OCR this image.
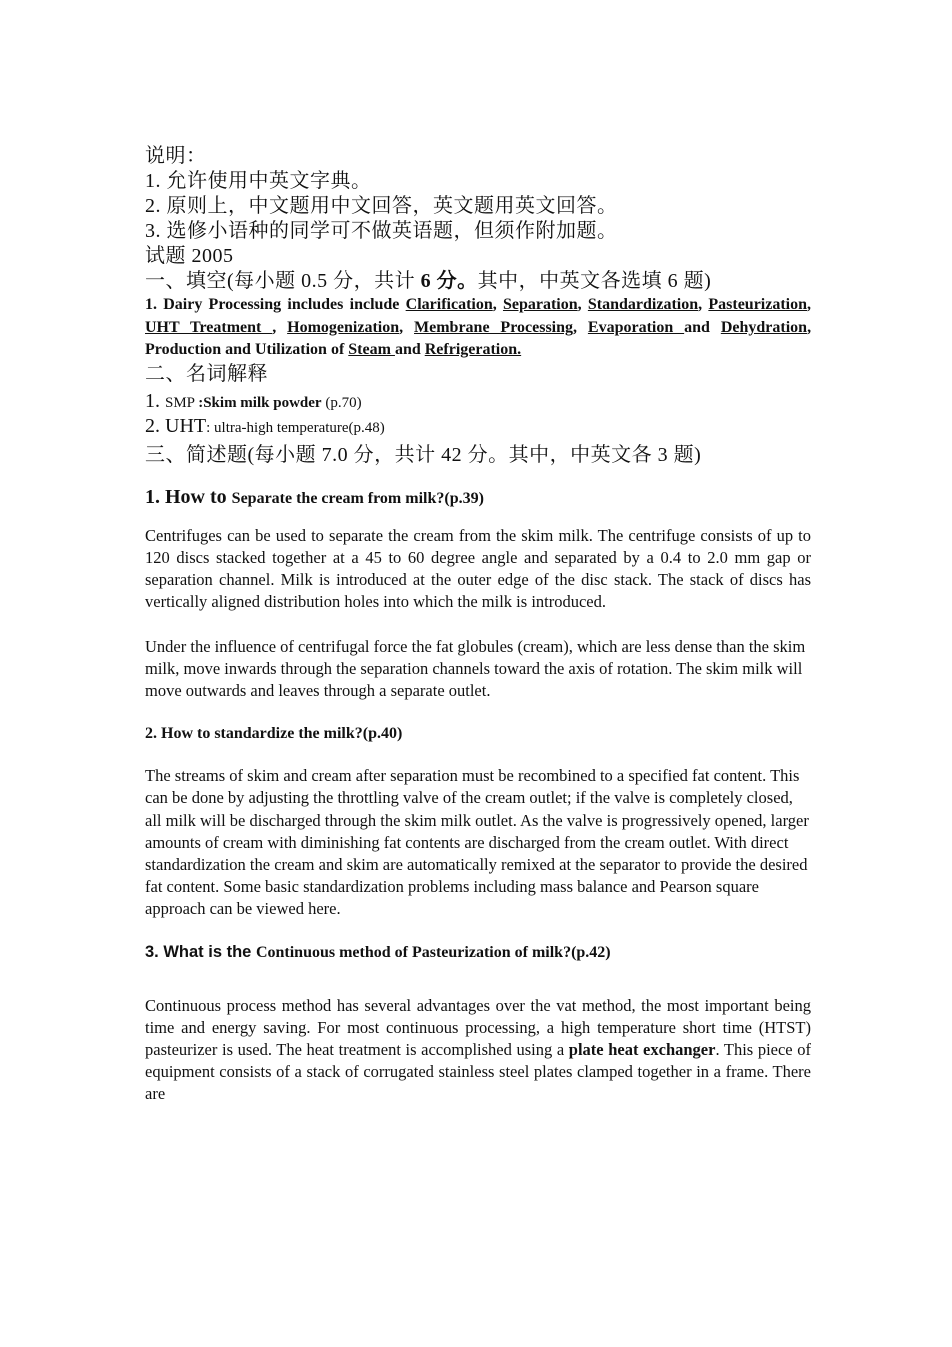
说明：
1. 允许使用中英文字典。
2. 原则上，中文题用中文回答，英文题用英文回答。
3. 选修小语种的同学可不做英语题，但须作附加题。
试题 2005
一、填空(每小题 0.5 分，共计 6 分。其中，中英文各选填 6 题)

1. Dairy Processing includes include Clarification, Separation, Standardization, Pasteurization, UHT Treatment , Homogenization, Membrane Processing, Evaporation and Dehydration, Production and Utilization of Steam and Refrigeration.

二、名词解释
1. SMP :Skim milk powder (p.70)
2. UHT: ultra-high temperature(p.48)
三、简述题(每小题 7.0 分，共计 42 分。其中，中英文各 3 题)

1. How to Separate the cream from milk?(p.39)

Centrifuges can be used to separate the cream from the skim milk. The centrifuge consists of up to 120 discs stacked together at a 45 to 60 degree angle and separated by a 0.4 to 2.0 mm gap or separation channel. Milk is introduced at the outer edge of the disc stack. The stack of discs has vertically aligned distribution holes into which the milk is introduced.

Under the influence of centrifugal force the fat globules (cream), which are less dense than the skim milk, move inwards through the separation channels toward the axis of rotation. The skim milk will move outwards and leaves through a separate outlet.

2. How to standardize the milk?(p.40)

The streams of skim and cream after separation must be recombined to a specified fat content. This can be done by adjusting the throttling valve of the cream outlet; if the valve is completely closed, all milk will be discharged through the skim milk outlet. As the valve is progressively opened, larger amounts of cream with diminishing fat contents are discharged from the cream outlet. With direct standardization the cream and skim are automatically remixed at the separator to provide the desired fat content. Some basic standardization problems including mass balance and Pearson square approach can be viewed here.

3. What is the Continuous method of Pasteurization of milk?(p.42)

Continuous process method has several advantages over the vat method, the most important being time and energy saving. For most continuous processing, a high temperature short time (HTST) pasteurizer is used. The heat treatment is accomplished using a plate heat exchanger. This piece of equipment consists of a stack of corrugated stainless steel plates clamped together in a frame. There are
